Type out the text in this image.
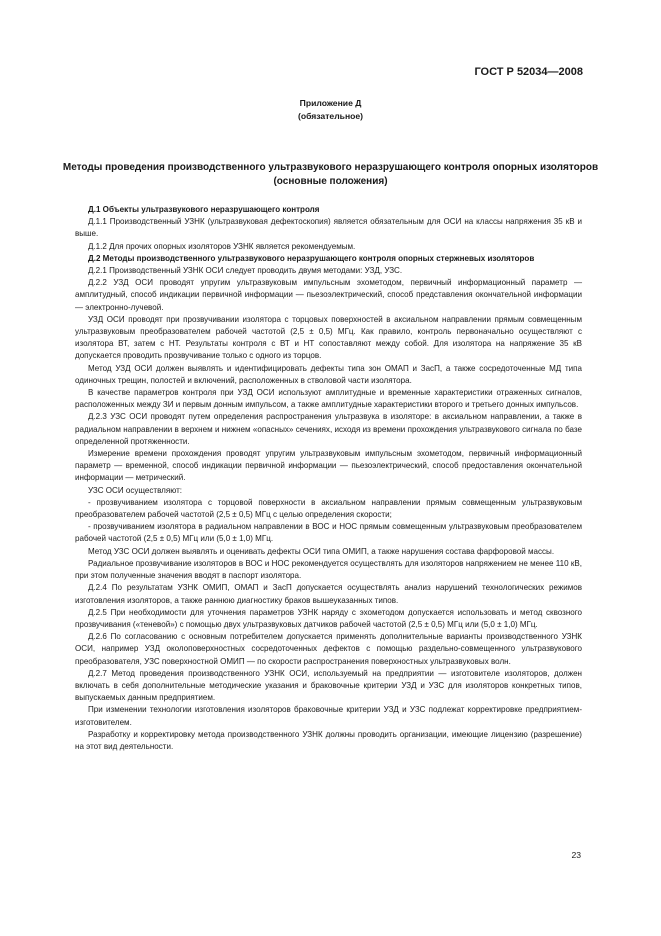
ГОСТ Р 52034—2008
Приложение Д
(обязательное)
Методы проведения производственного ультразвукового неразрушающего контроля опорных изоляторов (основные положения)

Д.1 Объекты ультразвукового неразрушающего контроля

Д.1.1 Производственный УЗНК (ультразвуковая дефектоскопия) является обязательным для ОСИ на классы напряжения 35 кВ и выше.

Д.1.2 Для прочих опорных изоляторов УЗНК является рекомендуемым.

Д.2 Методы производственного ультразвукового неразрушающего контроля опорных стержневых изоляторов

Д.2.1 Производственный УЗНК ОСИ следует проводить двумя методами: УЗД, УЗС.

Д.2.2 УЗД ОСИ проводят упругим ультразвуковым импульсным эхометодом, первичный информационный параметр — амплитудный, способ индикации первичной информации — пьезоэлектрический, способ представления окончательной информации — электронно-лучевой.

УЗД ОСИ проводят при прозвучивании изолятора с торцовых поверхностей в аксиальном направлении прямым совмещенным ультразвуковым преобразователем рабочей частотой (2,5 ± 0,5) МГц. Как правило, контроль первоначально осуществляют с изолятора ВТ, затем с НТ. Результаты контроля с ВТ и НТ сопоставляют между собой. Для изолятора на напряжение 35 кВ допускается проводить прозвучивание только с одного из торцов.

Метод УЗД ОСИ должен выявлять и идентифицировать дефекты типа зон ОМАП и ЗасП, а также сосредоточенные МД типа одиночных трещин, полостей и включений, расположенных в стволовой части изолятора.

В качестве параметров контроля при УЗД ОСИ используют амплитудные и временные характеристики отраженных сигналов, расположенных между ЗИ и первым донным импульсом, а также амплитудные характеристики второго и третьего донных импульсов.

Д.2.3 УЗС ОСИ проводят путем определения распространения ультразвука в изоляторе: в аксиальном направлении, а также в радиальном направлении в верхнем и нижнем «опасных» сечениях, исходя из времени прохождения ультразвукового сигнала по базе определенной протяженности.

Измерение времени прохождения проводят упругим ультразвуковым импульсным эхометодом, первичный информационный параметр — временной, способ индикации первичной информации — пьезоэлектрический, способ предоставления окончательной информации — метрический.

УЗС ОСИ осуществляют:

- прозвучиванием изолятора с торцовой поверхности в аксиальном направлении прямым совмещенным ультразвуковым преобразователем рабочей частотой (2,5 ± 0,5) МГц с целью определения скорости;

- прозвучиванием изолятора в радиальном направлении в ВОС и НОС прямым совмещенным ультразвуковым преобразователем рабочей частотой (2,5 ± 0,5) МГц или (5,0 ± 1,0) МГц.

Метод УЗС ОСИ должен выявлять и оценивать дефекты ОСИ типа ОМИП, а также нарушения состава фарфоровой массы.

Радиальное прозвучивание изоляторов в ВОС и НОС рекомендуется осуществлять для изоляторов напряжением не менее 110 кВ, при этом полученные значения вводят в паспорт изолятора.

Д.2.4 По результатам УЗНК ОМИП, ОМАП и ЗасП допускается осуществлять анализ нарушений технологических режимов изготовления изоляторов, а также раннюю диагностику браков вышеуказанных типов.

Д.2.5 При необходимости для уточнения параметров УЗНК наряду с эхометодом допускается использовать и метод сквозного прозвучивания («теневой») с помощью двух ультразвуковых датчиков рабочей частотой (2,5 ± 0,5) МГц или (5,0 ± 1,0) МГц.

Д.2.6 По согласованию с основным потребителем допускается применять дополнительные варианты производственного УЗНК ОСИ, например УЗД околоповерхностных сосредоточенных дефектов с помощью раздельно-совмещенного ультразвукового преобразователя, УЗС поверхностной ОМИП — по скорости распространения поверхностных ультразвуковых волн.

Д.2.7 Метод проведения производственного УЗНК ОСИ, используемый на предприятии — изготовителе изоляторов, должен включать в себя дополнительные методические указания и браковочные критерии УЗД и УЗС для изоляторов конкретных типов, выпускаемых данным предприятием.

При изменении технологии изготовления изоляторов браковочные критерии УЗД и УЗС подлежат корректировке предприятием-изготовителем.

Разработку и корректировку метода производственного УЗНК должны проводить организации, имеющие лицензию (разрешение) на этот вид деятельности.

23
